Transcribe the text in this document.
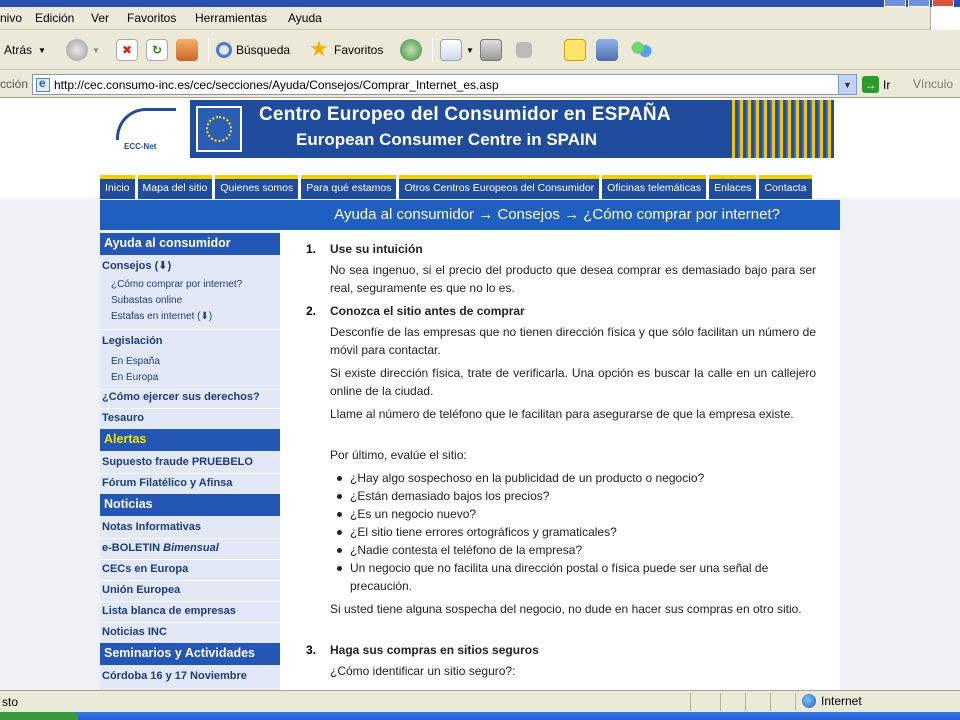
nivo Edición Ver Favoritos Herramientas Ayuda
Atrás ▼	▼	✖	↻	Búsqueda ★ Favoritos	▼
cción
e
http://cec.consumo-inc.es/cec/secciones/Ayuda/Consejos/Comprar_Internet_es.asp	▼	→ Ir Vínculo
ECC-Net
Centro Europeo del Consumidor en ESPAÑA
European Consumer Centre in SPAIN
Inicio	Mapa del sitio	Quienes somos	Para qué estamos	Otros Centros Europeos del Consumidor	Oficinas telemáticas	Enlaces	Contacta
Ayuda al consumidor → Consejos → ¿Cómo comprar por internet?
Ayuda al consumidor
Consejos (⬇)
¿Cómo comprar por internet?
Subastas online
Estafas en internet (⬇)
Legislación
En España
En Europa
¿Cómo ejercer sus derechos?
Tesauro
Alertas
Supuesto fraude PRUEBELO
Fórum Filatélico y Afinsa
Noticias
Notas Informativas
e-BOLETIN Bimensual
CECs en Europa
Unión Europea
Lista blanca de empresas
Noticias INC
Seminarios y Actividades
Córdoba 16 y 17 Noviembre
1. Use su intuición

No sea ingenuo, si el precio del producto que desea comprar es demasiado bajo para ser real, seguramente es que no lo es.

2. Conozca el sitio antes de comprar

Desconfíe de las empresas que no tienen dirección física y que sólo facilitan un número de móvil para contactar.

Si existe dirección física, trate de verificarla. Una opción es buscar la calle en un callejero online de la ciudad.

Llame al número de teléfono que le facilitan para asegurarse de que la empresa existe.

Por último, evalúe el sitio:

¿Hay algo sospechoso en la publicidad de un producto o negocio?

¿Están demasiado bajos los precios?

¿Es un negocio nuevo?

¿El sitio tiene errores ortográficos y gramaticales?

¿Nadie contesta el teléfono de la empresa?

Un negocio que no facilita una dirección postal o física puede ser una señal de precaución.

Si usted tiene alguna sospecha del negocio, no dude en hacer sus compras en otro sitio.

3. Haga sus compras en sitios seguros

¿Cómo identificar un sitio seguro?:

sto	Internet
